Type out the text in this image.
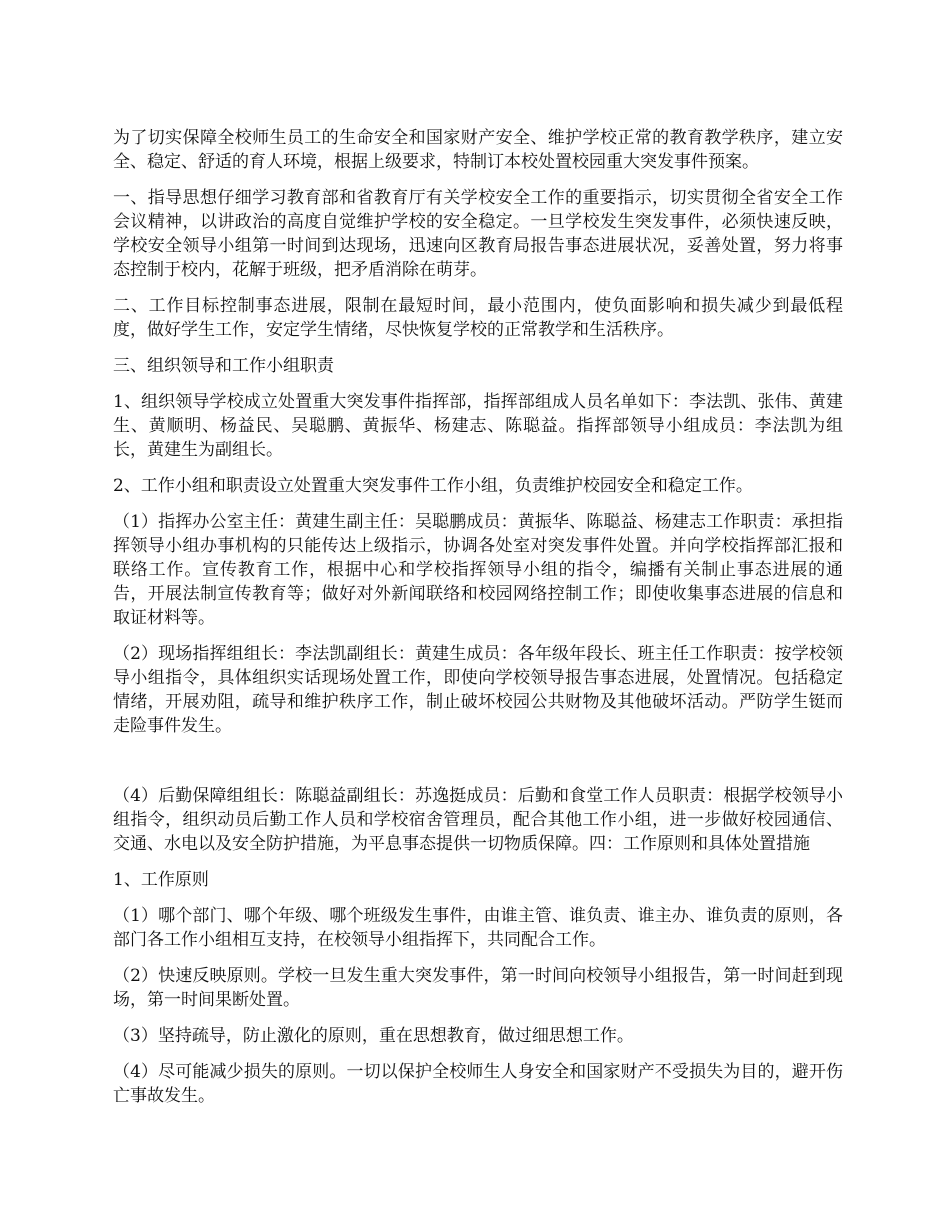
为了切实保障全校师生员工的生命安全和国家财产安全、维护学校正常的教育教学秩序，建立安全、稳定、舒适的育人环境，根据上级要求，特制订本校处置校园重大突发事件预案。

一、指导思想仔细学习教育部和省教育厅有关学校安全工作的重要指示，切实贯彻全省安全工作会议精神，以讲政治的高度自觉维护学校的安全稳定。一旦学校发生突发事件，必须快速反映，学校安全领导小组第一时间到达现场，迅速向区教育局报告事态进展状况，妥善处置，努力将事态控制于校内，花解于班级，把矛盾消除在萌芽。

二、工作目标控制事态进展，限制在最短时间，最小范围内，使负面影响和损失减少到最低程度，做好学生工作，安定学生情绪，尽快恢复学校的正常教学和生活秩序。

三、组织领导和工作小组职责

1、组织领导学校成立处置重大突发事件指挥部，指挥部组成人员名单如下：李法凯、张伟、黄建生、黄顺明、杨益民、吴聪鹏、黄振华、杨建志、陈聪益。指挥部领导小组成员：李法凯为组长，黄建生为副组长。

2、工作小组和职责设立处置重大突发事件工作小组，负责维护校园安全和稳定工作。

（1）指挥办公室主任：黄建生副主任：吴聪鹏成员：黄振华、陈聪益、杨建志工作职责：承担指挥领导小组办事机构的只能传达上级指示，协调各处室对突发事件处置。并向学校指挥部汇报和联络工作。宣传教育工作，根据中心和学校指挥领导小组的指令，编播有关制止事态进展的通告，开展法制宣传教育等；做好对外新闻联络和校园网络控制工作；即使收集事态进展的信息和取证材料等。

（2）现场指挥组组长：李法凯副组长：黄建生成员：各年级年段长、班主任工作职责：按学校领导小组指令，具体组织实话现场处置工作，即使向学校领导报告事态进展，处置情况。包括稳定情绪，开展劝阻，疏导和维护秩序工作，制止破坏校园公共财物及其他破坏活动。严防学生铤而走险事件发生。

（4）后勤保障组组长：陈聪益副组长：苏逸挺成员：后勤和食堂工作人员职责：根据学校领导小组指令，组织动员后勤工作人员和学校宿舍管理员，配合其他工作小组，进一步做好校园通信、交通、水电以及安全防护措施，为平息事态提供一切物质保障。四：工作原则和具体处置措施

1、工作原则

（1）哪个部门、哪个年级、哪个班级发生事件，由谁主管、谁负责、谁主办、谁负责的原则，各部门各工作小组相互支持，在校领导小组指挥下，共同配合工作。

（2）快速反映原则。学校一旦发生重大突发事件，第一时间向校领导小组报告，第一时间赶到现场，第一时间果断处置。

（3）坚持疏导，防止激化的原则，重在思想教育，做过细思想工作。

（4）尽可能减少损失的原则。一切以保护全校师生人身安全和国家财产不受损失为目的，避开伤亡事故发生。
